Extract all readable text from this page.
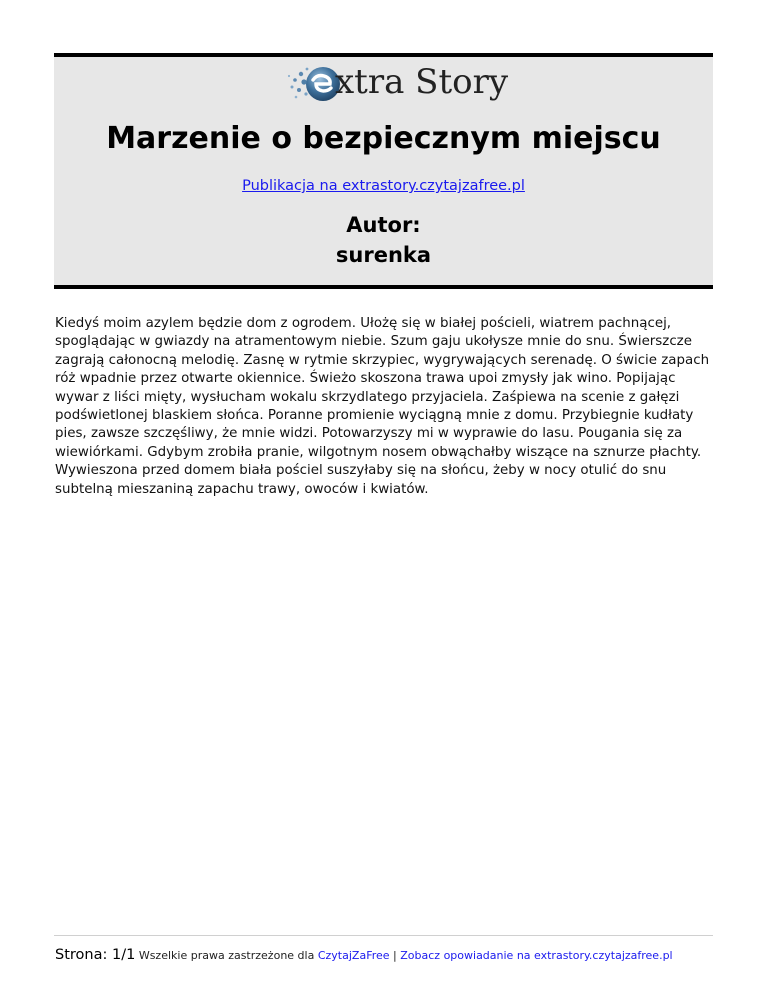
xtra Story
Marzenie o bezpiecznym miejscu
Publikacja na extrastory.czytajzafree.pl
Autor:
surenka

Kiedyś moim azylem będzie dom z ogrodem. Ułożę się w białej pościeli, wiatrem pachnącej, spoglądając w gwiazdy na atramentowym niebie. Szum gaju ukołysze mnie do snu. Świerszcze zagrają całonocną melodię. Zasnę w rytmie skrzypiec, wygrywających serenadę. O świcie zapach róż wpadnie przez otwarte okiennice. Świeżo skoszona trawa upoi zmysły jak wino. Popijając wywar z liści mięty, wysłucham wokalu skrzydlatego przyjaciela. Zaśpiewa na scenie z gałęzi podświetlonej blaskiem słońca. Poranne promienie wyciągną mnie z domu. Przybiegnie kudłaty pies, zawsze szczęśliwy, że mnie widzi. Potowarzyszy mi w wyprawie do lasu. Pougania się za wiewiórkami. Gdybym zrobiła pranie, wilgotnym nosem obwąchałby wiszące na sznurze płachty. Wywieszona przed domem biała pościel suszyłaby się na słońcu, żeby w nocy otulić do snu subtelną mieszaniną zapachu trawy, owoców i kwiatów.

Strona: 1/1 Wszelkie prawa zastrzeżone dla CzytajZaFree | Zobacz opowiadanie na extrastory.czytajzafree.pl
